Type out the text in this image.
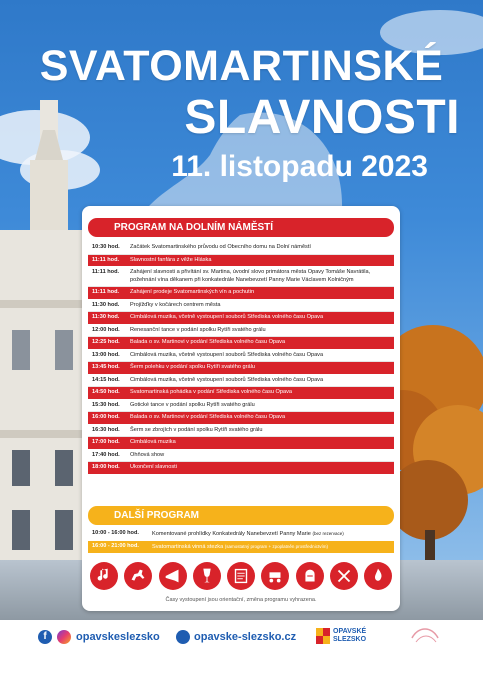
SVATOMARTINSKÉ
SLAVNOSTI
11. listopadu 2023
PROGRAM NA DOLNÍM NÁMĚSTÍ
10:30 hod.	Začátek Svatomartinského průvodu od Obecního domu na Dolní náměstí
11:11 hod.	Slavnostní fanfára z věže Hláska
11:11 hod.	Zahájení slavnosti a přivítání sv. Martina, úvodní slovo primátora města Opavy Tomáše Navrátila, požehnání vína děkanem při konkatedrále Nanebevzetí Panny Marie Václavem Kolničným
11:11 hod.	Zahájení prodeje Svatomartinských vín a pochutin
11:30 hod.	Projížďky v kočárech centrem města
11:30 hod.	Cimbálová muzika, včetně vystoupení souborů Střediska volného času Opava
12:00 hod.	Renesanční tance v podání spolku Rytíři svatého grálu
12:25 hod.	Balada o sv. Martinovi v podání Střediska volného času Opava
13:00 hod.	Cimbálová muzika, včetně vystoupení souborů Střediska volného času Opava
13:45 hod.	Šerm polehku v podání spolku Rytíři svatého grálu
14:15 hod.	Cimbálová muzika, včetně vystoupení souborů Střediska volného času Opava
14:50 hod.	Svatomartinská pohádka v podání Střediska volného času Opava
15:30 hod.	Gotické tance v podání spolku Rytíři svatého grálu
16:00 hod.	Balada o sv. Martinovi v podání Střediska volného času Opava
16:30 hod.	Šerm se zbrojích v podání spolku Rytíři svatého grálu
17:00 hod.	Cimbálová muzika
17:40 hod.	Ohňová show
18:00 hod.	Ukončení slavnosti
DALŠÍ PROGRAM
10:00 - 16:00 hod.	Komentované prohlídky Konkatedrály Nanebevzetí Panny Marie (bez rezervace)
16:00 - 21:00 hod.	Svatomartinská vinná stezka (samostatný program + zpoplatněn prostřednictvím)
Časy vystoupení jsou orientační, změna programu vyhrazena.
f	opavskeslezsko	opavske-slezsko.cz	OPAVSKÉ
SLEZSKO
